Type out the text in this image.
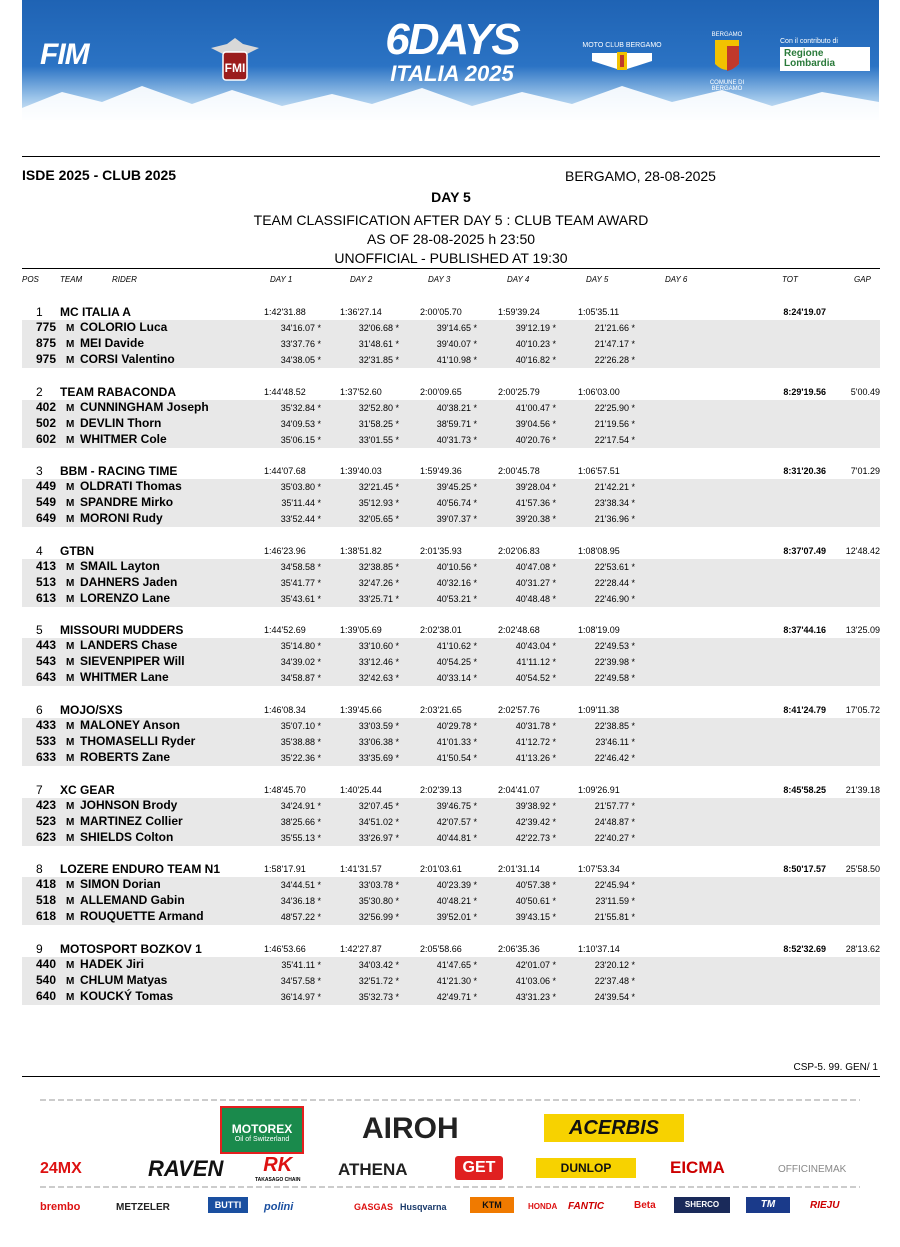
FIM	FMI
6DAYS
ITALIA 2025
MOTO CLUB BERGAMO
BERGAMO
COMUNE DI BERGAMO
Con il contributo di
Regione Lombardia
ISDE 2025 - CLUB 2025	BERGAMO, 28-08-2025
DAY 5
TEAM CLASSIFICATION AFTER DAY 5 : CLUB TEAM AWARD
AS OF 28-08-2025 h 23:50
UNOFFICIAL - PUBLISHED AT 19:30
POS	TEAM	RIDER	DAY 1	DAY 2	DAY 3	DAY 4	DAY 5	DAY 6	TOT	GAP
1 MC ITALIA A	1:42'31.88	1:36'27.14	2:00'05.70	1:59'39.24	1:05'35.11	8:24'19.07
775 M COLORIO Luca	34'16.07 *	32'06.68 *	39'14.65 *	39'12.19 *	21'21.66 *
875 M MEI Davide	33'37.76 *	31'48.61 *	39'40.07 *	40'10.23 *	21'47.17 *
975 M CORSI Valentino	34'38.05 *	32'31.85 *	41'10.98 *	40'16.82 *	22'26.28 *
2 TEAM RABACONDA	1:44'48.52	1:37'52.60	2:00'09.65	2:00'25.79	1:06'03.00	8:29'19.56	5'00.49
402 M CUNNINGHAM Joseph	35'32.84 *	32'52.80 *	40'38.21 *	41'00.47 *	22'25.90 *
502 M DEVLIN Thorn	34'09.53 *	31'58.25 *	38'59.71 *	39'04.56 *	21'19.56 *
602 M WHITMER Cole	35'06.15 *	33'01.55 *	40'31.73 *	40'20.76 *	22'17.54 *
3 BBM - RACING TIME	1:44'07.68	1:39'40.03	1:59'49.36	2:00'45.78	1:06'57.51	8:31'20.36	7'01.29
449 M OLDRATI Thomas	35'03.80 *	32'21.45 *	39'45.25 *	39'28.04 *	21'42.21 *
549 M SPANDRE Mirko	35'11.44 *	35'12.93 *	40'56.74 *	41'57.36 *	23'38.34 *
649 M MORONI Rudy	33'52.44 *	32'05.65 *	39'07.37 *	39'20.38 *	21'36.96 *
4 GTBN	1:46'23.96	1:38'51.82	2:01'35.93	2:02'06.83	1:08'08.95	8:37'07.49 12'48.42
413 M SMAIL Layton	34'58.58 *	32'38.85 *	40'10.56 *	40'47.08 *	22'53.61 *
513 M DAHNERS Jaden	35'41.77 *	32'47.26 *	40'32.16 *	40'31.27 *	22'28.44 *
613 M LORENZO Lane	35'43.61 *	33'25.71 *	40'53.21 *	40'48.48 *	22'46.90 *
5 MISSOURI MUDDERS	1:44'52.69	1:39'05.69	2:02'38.01	2:02'48.68	1:08'19.09	8:37'44.16 13'25.09
443 M LANDERS Chase	35'14.80 *	33'10.60 *	41'10.62 *	40'43.04 *	22'49.53 *
543 M SIEVENPIPER Will	34'39.02 *	33'12.46 *	40'54.25 *	41'11.12 *	22'39.98 *
643 M WHITMER Lane	34'58.87 *	32'42.63 *	40'33.14 *	40'54.52 *	22'49.58 *
6 MOJO/SXS	1:46'08.34	1:39'45.66	2:03'21.65	2:02'57.76	1:09'11.38	8:41'24.79 17'05.72
433 M MALONEY Anson	35'07.10 *	33'03.59 *	40'29.78 *	40'31.78 *	22'38.85 *
533 M THOMASELLI Ryder	35'38.88 *	33'06.38 *	41'01.33 *	41'12.72 *	23'46.11 *
633 M ROBERTS Zane	35'22.36 *	33'35.69 *	41'50.54 *	41'13.26 *	22'46.42 *
7 XC GEAR	1:48'45.70	1:40'25.44	2:02'39.13	2:04'41.07	1:09'26.91	8:45'58.25 21'39.18
423 M JOHNSON Brody	34'24.91 *	32'07.45 *	39'46.75 *	39'38.92 *	21'57.77 *
523 M MARTINEZ Collier	38'25.66 *	34'51.02 *	42'07.57 *	42'39.42 *	24'48.87 *
623 M SHIELDS Colton	35'55.13 *	33'26.97 *	40'44.81 *	42'22.73 *	22'40.27 *
8 LOZERE ENDURO TEAM N1	1:58'17.91	1:41'31.57	2:01'03.61	2:01'31.14	1:07'53.34	8:50'17.57 25'58.50
418 M SIMON Dorian	34'44.51 *	33'03.78 *	40'23.39 *	40'57.38 *	22'45.94 *
518 M ALLEMAND Gabin	34'36.18 *	35'30.80 *	40'48.21 *	40'50.61 *	23'11.59 *
618 M ROUQUETTE Armand	48'57.22 *	32'56.99 *	39'52.01 *	39'43.15 *	21'55.81 *
9 MOTOSPORT BOZKOV 1	1:46'53.66	1:42'27.87	2:05'58.66	2:06'35.36	1:10'37.14	8:52'32.69 28'13.62
440 M HADEK Jiri	35'41.11 *	34'03.42 *	41'47.65 *	42'01.07 *	23'20.12 *
540 M CHLUM Matyas	34'57.58 *	32'51.72 *	41'21.30 *	41'03.06 *	22'37.48 *
640 M KOUCKÝ Tomas	36'14.97 *	35'32.73 *	42'49.71 *	43'31.23 *	24'39.54 *
CSP-5. 99. GEN/ 1
MOTOREX
Oil of Switzerland	AIROH	ACERBIS
24MX	RAVEN	RK
TAKASAGO CHAIN
ATHENA	GET	DUNLOP	EICMA	OFFICINEMAK
brembo	METZELER	BUTTI	polini	GASGAS Husqvarna	KTM	HONDA FANTIC	Beta	SHERCO	TM	RIEJU
